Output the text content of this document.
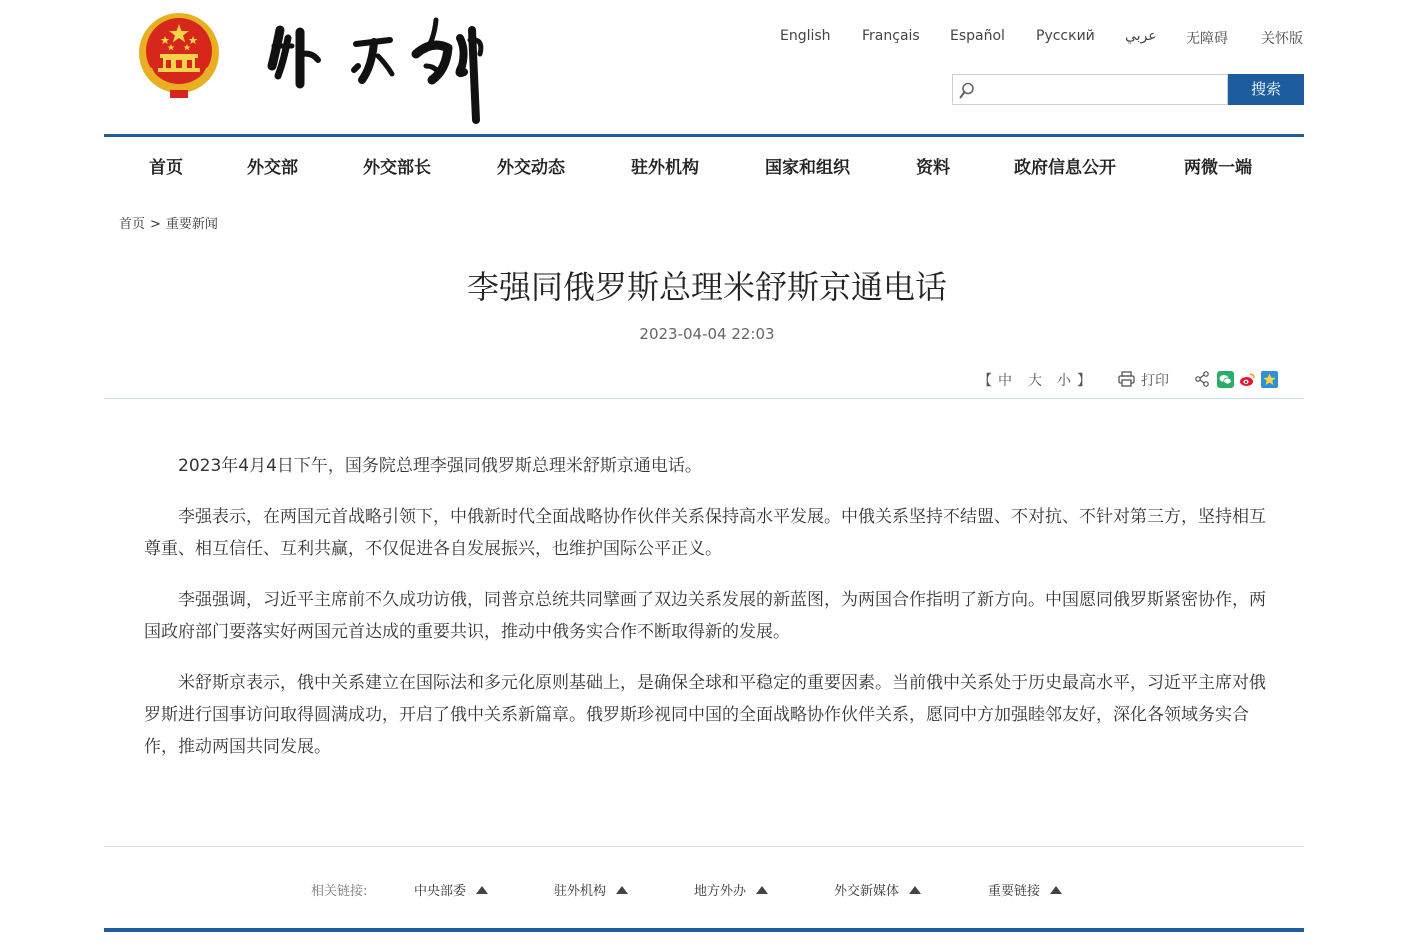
English Français Español Русский عربي 无障碍 关怀版
搜索
首页	外交部	外交部长	外交动态	驻外机构	国家和组织	资料	政府信息公开	两微一端
首页 > 重要新闻
李强同俄罗斯总理米舒斯京通电话
2023-04-04 22:03
【 中 大 小 】	打印

2023年4月4日下午，国务院总理李强同俄罗斯总理米舒斯京通电话。

李强表示，在两国元首战略引领下，中俄新时代全面战略协作伙伴关系保持高水平发展。中俄关系坚持不结盟、不对抗、不针对第三方，坚持相互尊重、相互信任、互利共赢，不仅促进各自发展振兴，也维护国际公平正义。

李强强调，习近平主席前不久成功访俄，同普京总统共同擘画了双边关系发展的新蓝图，为两国合作指明了新方向。中国愿同俄罗斯紧密协作，两国政府部门要落实好两国元首达成的重要共识，推动中俄务实合作不断取得新的发展。

米舒斯京表示，俄中关系建立在国际法和多元化原则基础上，是确保全球和平稳定的重要因素。当前俄中关系处于历史最高水平，习近平主席对俄罗斯进行国事访问取得圆满成功，开启了俄中关系新篇章。俄罗斯珍视同中国的全面战略协作伙伴关系，愿同中方加强睦邻友好，深化各领域务实合作，推动两国共同发展。

相关链接:	中央部委	驻外机构	地方外办	外交新媒体	重要链接
